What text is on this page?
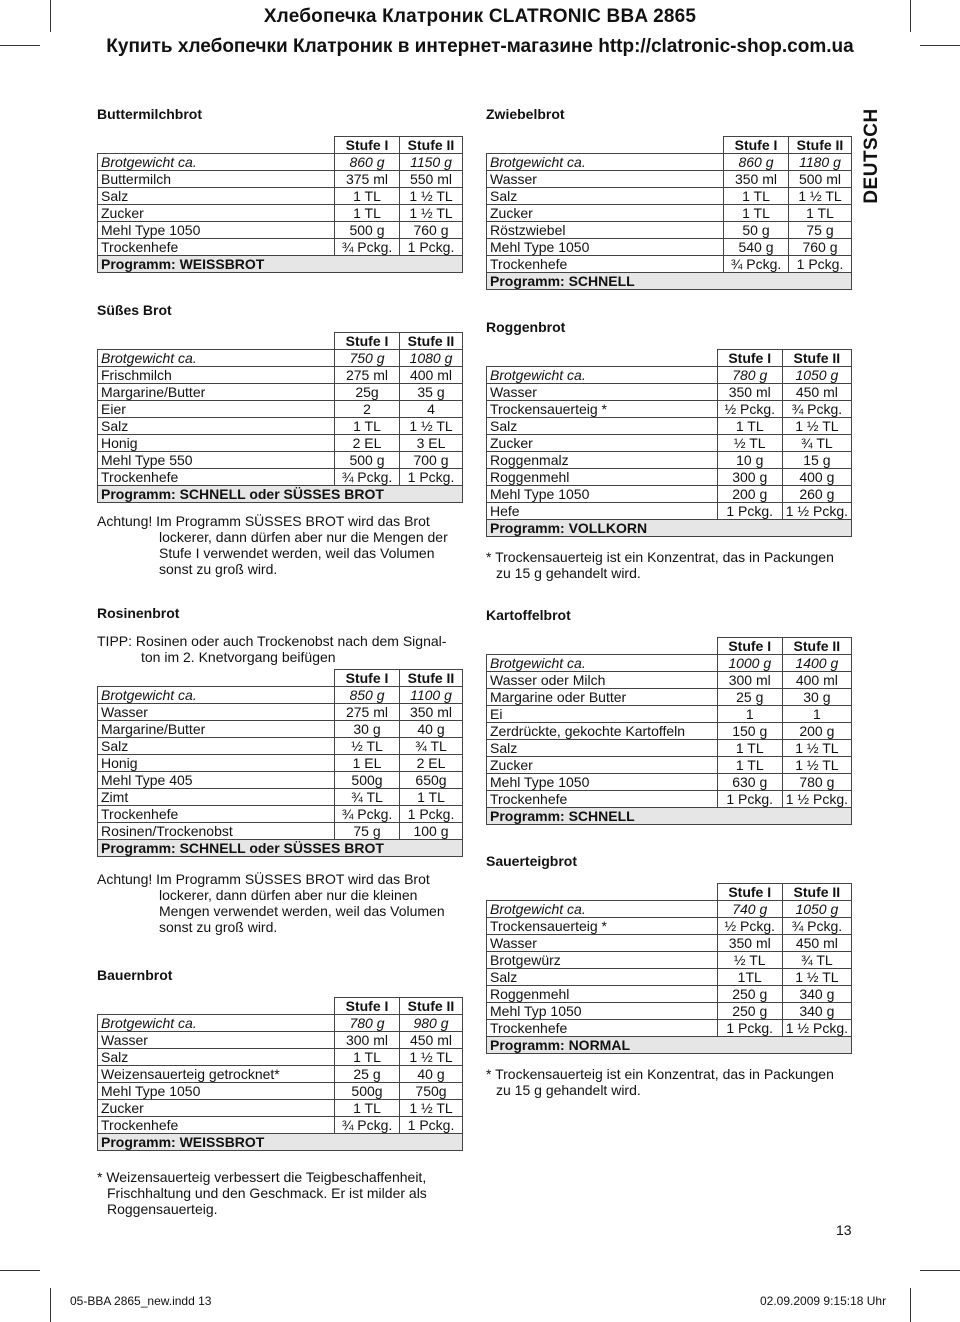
Хлебопечка Клатроник CLATRONIC BBA 2865
Купить хлебопечки Клатроник в интернет-магазине http://clatronic-shop.com.ua
DEUTSCH
Buttermilchbrot
	Stufe I	Stufe II
Brotgewicht ca.	860 g	1150 g
Buttermilch	375 ml	550 ml
Salz	1 TL	1 ½ TL
Zucker	1 TL	1 ½ TL
Mehl Type 1050	500 g	760 g
Trockenhefe	¾ Pckg.	1 Pckg.
Programm: WEISSBROT		
Zwiebelbrot
	Stufe I	Stufe II
Brotgewicht ca.	860 g	1180 g
Wasser	350 ml	500 ml
Salz	1 TL	1 ½ TL
Zucker	1 TL	1 TL
Röstzwiebel	50 g	75 g
Mehl Type 1050	540 g	760 g
Trockenhefe	¾ Pckg.	1 Pckg.
Programm: SCHNELL		
Süßes Brot
	Stufe I	Stufe II
Brotgewicht ca.	750 g	1080 g
Frischmilch	275 ml	400 ml
Margarine/Butter	25g	35 g
Eier	2	4
Salz	1 TL	1 ½ TL
Honig	2 EL	3 EL
Mehl Type 550	500 g	700 g
Trockenhefe	¾ Pckg.	1 Pckg.
Programm: SCHNELL oder SÜSSES BROT		
Achtung! Im Programm SÜSSES BROT wird das Brot
lockerer, dann dürfen aber nur die Mengen der
Stufe I verwendet werden, weil das Volumen
sonst zu groß wird.
Roggenbrot
	Stufe I	Stufe II
Brotgewicht ca.	780 g	1050 g
Wasser	350 ml	450 ml
Trockensauerteig *	½ Pckg.	¾ Pckg.
Salz	1 TL	1 ½ TL
Zucker	½ TL	¾ TL
Roggenmalz	10 g	15 g
Roggenmehl	300 g	400 g
Mehl Type 1050	200 g	260 g
Hefe	1 Pckg.	1 ½ Pckg.
Programm: VOLLKORN		
* Trockensauerteig ist ein Konzentrat, das in Packungen
zu 15 g gehandelt wird.
Rosinenbrot
TIPP: Rosinen oder auch Trockenobst nach dem Signal-
ton im 2. Knetvorgang beifügen
	Stufe I	Stufe II
Brotgewicht ca.	850 g	1100 g
Wasser	275 ml	350 ml
Margarine/Butter	30 g	40 g
Salz	½ TL	¾ TL
Honig	1 EL	2 EL
Mehl Type 405	500g	650g
Zimt	¾ TL	1 TL
Trockenhefe	¾ Pckg.	1 Pckg.
Rosinen/Trockenobst	75 g	100 g
Programm: SCHNELL oder SÜSSES BROT		
Achtung! Im Programm SÜSSES BROT wird das Brot
lockerer, dann dürfen aber nur die kleinen
Mengen verwendet werden, weil das Volumen
sonst zu groß wird.
Kartoffelbrot
	Stufe I	Stufe II
Brotgewicht ca.	1000 g	1400 g
Wasser oder Milch	300 ml	400 ml
Margarine oder Butter	25 g	30 g
Ei	1	1
Zerdrückte, gekochte Kartoffeln	150 g	200 g
Salz	1 TL	1 ½ TL
Zucker	1 TL	1 ½ TL
Mehl Type 1050	630 g	780 g
Trockenhefe	1 Pckg.	1 ½ Pckg.
Programm: SCHNELL		
Sauerteigbrot
	Stufe I	Stufe II
Brotgewicht ca.	740 g	1050 g
Trockensauerteig *	½ Pckg.	¾ Pckg.
Wasser	350 ml	450 ml
Brotgewürz	½ TL	¾ TL
Salz	1TL	1 ½ TL
Roggenmehl	250 g	340 g
Mehl Typ 1050	250 g	340 g
Trockenhefe	1 Pckg.	1 ½ Pckg.
Programm: NORMAL		
* Trockensauerteig ist ein Konzentrat, das in Packungen
zu 15 g gehandelt wird.
Bauernbrot
	Stufe I	Stufe II
Brotgewicht ca.	780 g	980 g
Wasser	300 ml	450 ml
Salz	1 TL	1 ½ TL
Weizensauerteig getrocknet*	25 g	40 g
Mehl Type 1050	500g	750g
Zucker	1 TL	1 ½ TL
Trockenhefe	¾ Pckg.	1 Pckg.
Programm: WEISSBROT		
* Weizensauerteig verbessert die Teigbeschaffenheit,
Frischhaltung und den Geschmack. Er ist milder als
Roggensauerteig.
13
05-BBA 2865_new.indd 13	02.09.2009 9:15:18 Uhr
